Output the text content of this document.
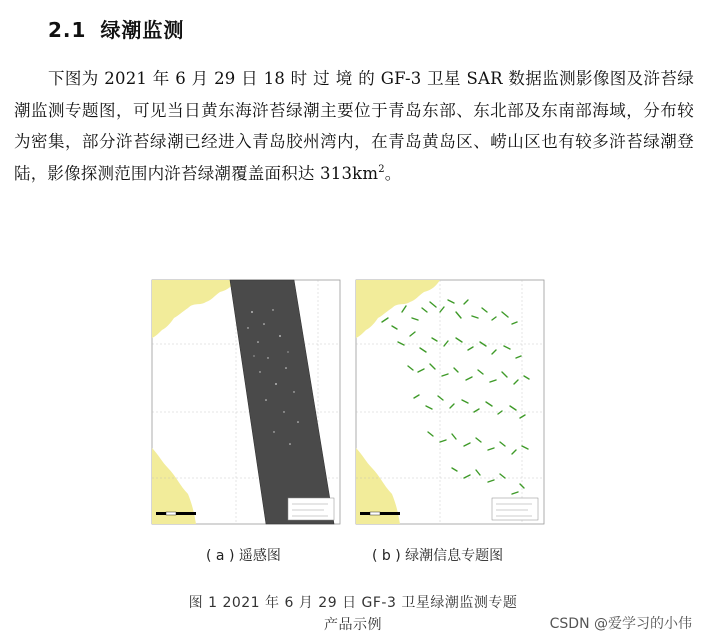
2.1 绿潮监测
下图为 2021 年 6 月 29 日 18 时 过 境 的 GF-3 卫星 SAR 数据监测影像图及浒苔绿潮监测专题图，可见当日黄东海浒苔绿潮主要位于青岛东部、东北部及东南部海域，分布较为密集，部分浒苔绿潮已经进入青岛胶州湾内，在青岛黄岛区、崂山区也有较多浒苔绿潮登陆，影像探测范围内浒苔绿潮覆盖面积达 $313km^2$。
( a ) 遥感图	( b ) 绿潮信息专题图
图 1 2021 年 6 月 29 日 GF-3 卫星绿潮监测专题
产品示例	CSDN @爱学习的小伟
